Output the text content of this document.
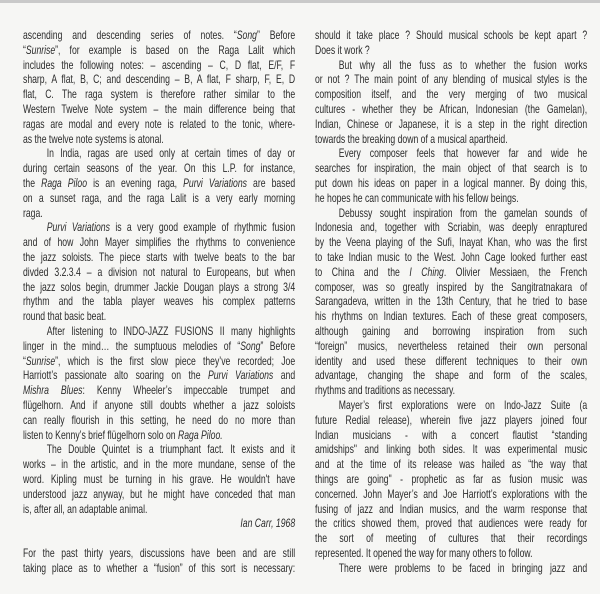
ascending and descending series of notes. “Song” Before
“Sunrise”, for example is based on the Raga Lalit which
includes the following notes: – ascending – C, D flat, E/F, F
sharp, A flat, B, C; and descending – B, A flat, F sharp, F, E, D
flat, C. The raga system is therefore rather similar to the
Western Twelve Note system – the main difference being that
ragas are modal and every note is related to the tonic, where-
as the twelve note systems is atonal.
In India, ragas are used only at certain times of day or
during certain seasons of the year. On this L.P. for instance,
the Raga Piloo is an evening raga, Purvi Variations are based
on a sunset raga, and the raga Lalit is a very early morning
raga.
Purvi Variations is a very good example of rhythmic fusion
and of how John Mayer simplifies the rhythms to convenience
the jazz soloists. The piece starts with twelve beats to the bar
divded 3.2.3.4 – a division not natural to Europeans, but when
the jazz solos begin, drummer Jackie Dougan plays a strong 3/4
rhythm and the tabla player weaves his complex patterns
round that basic beat.
After listening to INDO-JAZZ FUSIONS II many highlights
linger in the mind… the sumptuous melodies of “Song” Before
“Sunrise”, which is the first slow piece they’ve recorded; Joe
Harriott’s passionate alto soaring on the Purvi Variations and
Mishra Blues: Kenny Wheeler’s impeccable trumpet and
flügelhorn. And if anyone still doubts whether a jazz soloists
can really flourish in this setting, he need do no more than
listen to Kenny’s brief flügelhorn solo on Raga Piloo.
The Double Quintet is a triumphant fact. It exists and it
works – in the artistic, and in the more mundane, sense of the
word. Kipling must be turning in his grave. He wouldn't have
understood jazz anyway, but he might have conceded that man
is, after all, an adaptable animal.
Ian Carr, 1968
For the past thirty years, discussions have been and are still
taking place as to whether a “fusion” of this sort is necessary:
should it take place ? Should musical schools be kept apart ?
Does it work ?
But why all the fuss as to whether the fusion works
or not ? The main point of any blending of musical styles is the
composition itself, and the very merging of two musical
cultures - whether they be African, Indonesian (the Gamelan),
Indian, Chinese or Japanese, it is a step in the right direction
towards the breaking down of a musical apartheid.
Every composer feels that however far and wide he
searches for inspiration, the main object of that search is to
put down his ideas on paper in a logical manner. By doing this,
he hopes he can communicate with his fellow beings.
Debussy sought inspiration from the gamelan sounds of
Indonesia and, together with Scriabin, was deeply enraptured
by the Veena playing of the Sufi, Inayat Khan, who was the first
to take Indian music to the West. John Cage looked further east
to China and the I Ching. Olivier Messiaen, the French
composer, was so greatly inspired by the Sangitratnakara of
Sarangadeva, written in the 13th Century, that he tried to base
his rhythms on Indian textures. Each of these great composers,
although gaining and borrowing inspiration from such
“foreign” musics, nevertheless retained their own personal
identity and used these different techniques to their own
advantage, changing the shape and form of the scales,
rhythms and traditions as necessary.
Mayer’s first explorations were on Indo-Jazz Suite (a
future Redial release), wherein five jazz players joined four
Indian musicians - with a concert flautist “standing
amidships" and linking both sides. It was experimental music
and at the time of its release was hailed as “the way that
things are going" - prophetic as far as fusion music was
concerned. John Mayer’s and Joe Harriott’s explorations with the
fusing of jazz and Indian musics, and the warm response that
the critics showed them, proved that audiences were ready for
the sort of meeting of cultures that their recordings
represented. It opened the way for many others to follow.
There were problems to be faced in bringing jazz and
